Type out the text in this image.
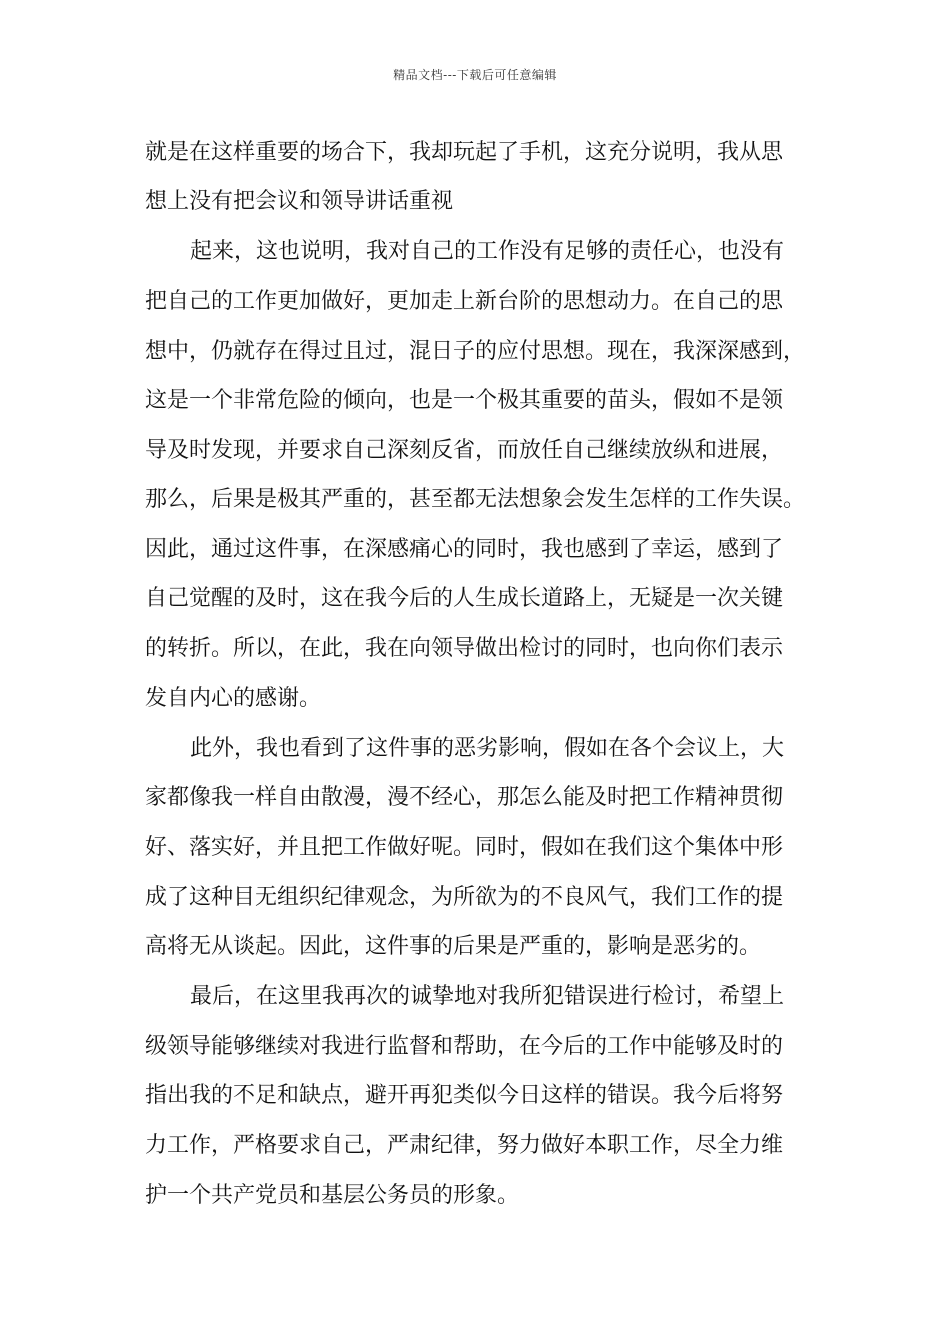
精品文档---下载后可任意编辑
就是在这样重要的场合下，我却玩起了手机，这充分说明，我从思
想上没有把会议和领导讲话重视
起来，这也说明，我对自己的工作没有足够的责任心，也没有
把自己的工作更加做好，更加走上新台阶的思想动力。在自己的思
想中，仍就存在得过且过，混日子的应付思想。现在，我深深感到，
这是一个非常危险的倾向，也是一个极其重要的苗头，假如不是领
导及时发现，并要求自己深刻反省，而放任自己继续放纵和进展，
那么，后果是极其严重的，甚至都无法想象会发生怎样的工作失误。
因此，通过这件事，在深感痛心的同时，我也感到了幸运，感到了
自己觉醒的及时，这在我今后的人生成长道路上，无疑是一次关键
的转折。所以，在此，我在向领导做出检讨的同时，也向你们表示
发自内心的感谢。
此外，我也看到了这件事的恶劣影响，假如在各个会议上，大
家都像我一样自由散漫，漫不经心，那怎么能及时把工作精神贯彻
好、落实好，并且把工作做好呢。同时，假如在我们这个集体中形
成了这种目无组织纪律观念，为所欲为的不良风气，我们工作的提
高将无从谈起。因此，这件事的后果是严重的，影响是恶劣的。
最后，在这里我再次的诚挚地对我所犯错误进行检讨，希望上
级领导能够继续对我进行监督和帮助，在今后的工作中能够及时的
指出我的不足和缺点，避开再犯类似今日这样的错误。我今后将努
力工作，严格要求自己，严肃纪律，努力做好本职工作，尽全力维
护一个共产党员和基层公务员的形象。
